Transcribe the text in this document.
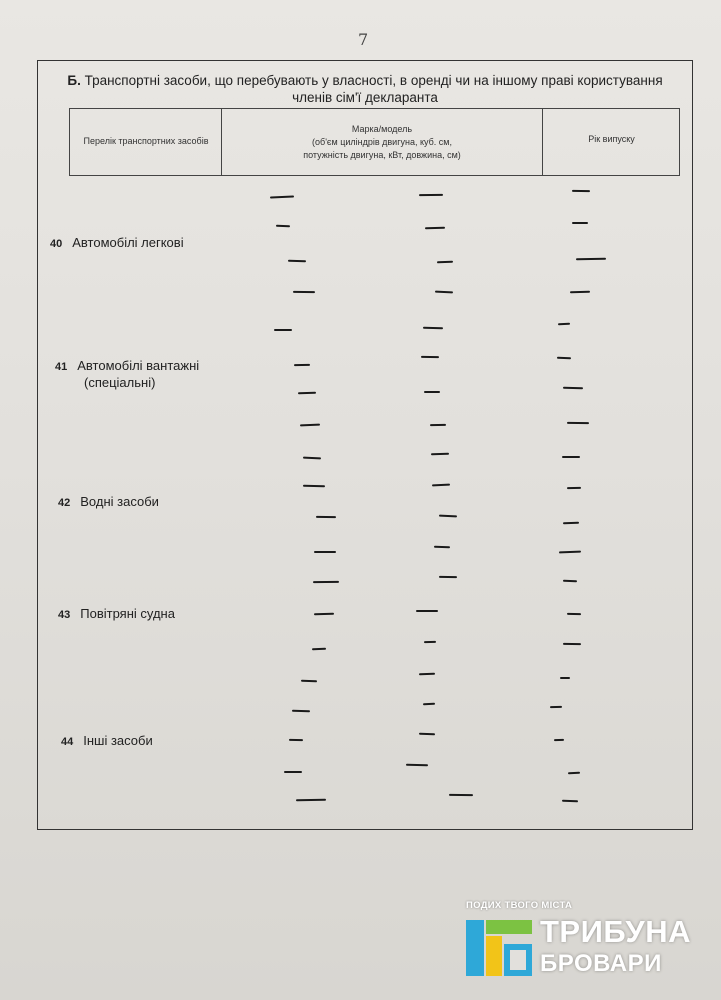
7
Б. Транспортні засоби, що перебувають у власності, в оренді чи на іншому праві користування членів сім'ї декларанта
Перелік транспортних засобів
Марка/модель
(об'єм циліндрів двигуна, куб. см,
потужність двигуна, кВт, довжина, см)
Рік випуску
40 Автомобілі легкові
41 Автомобілі вантажні
(спеціальні)
42 Водні засоби
43 Повітряні судна
44 Інші засоби
ПОДИХ ТВОГО МІСТА
ТРИБУНА
БРОВАРИ
